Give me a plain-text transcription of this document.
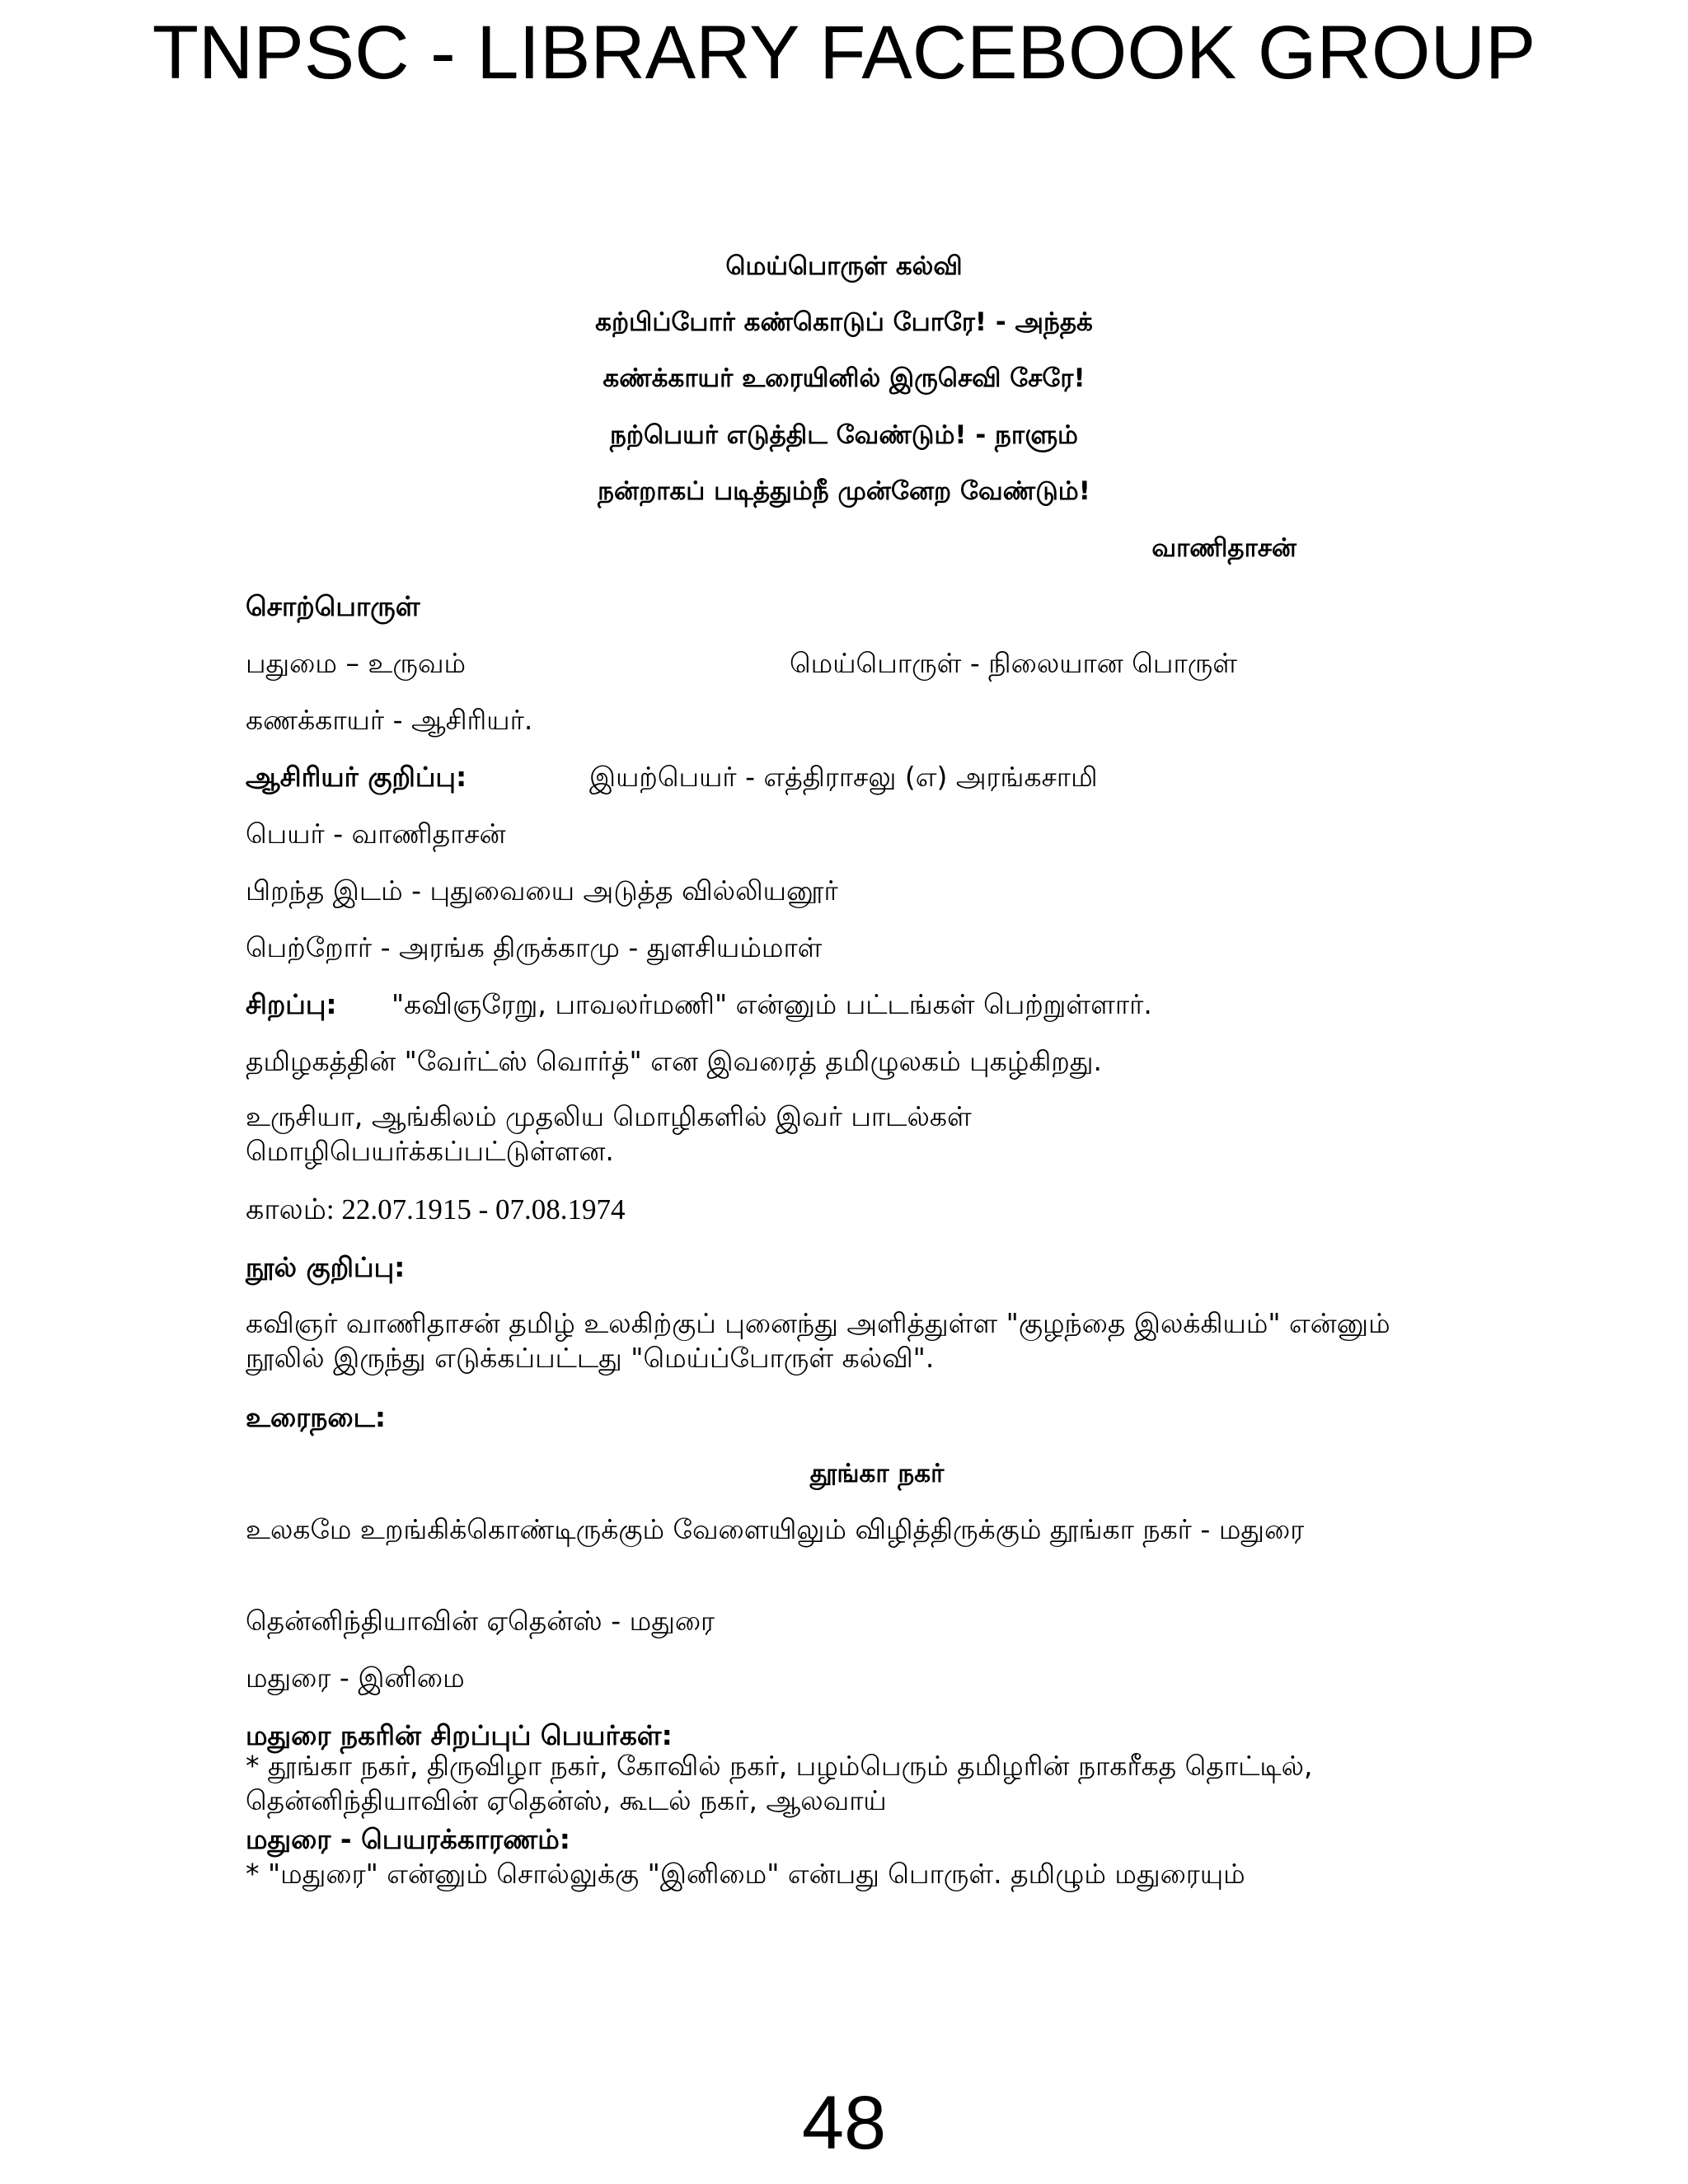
TNPSC - LIBRARY FACEBOOK GROUP
மெய்பொருள் கல்வி
கற்பிப்போர் கண்கொடுப் போரே! - அந்தக்
கண்க்காயர் உரையினில் இருசெவி சேரே!
நற்பெயர் எடுத்திட வேண்டும்! - நாளும்
நன்றாகப் படித்தும்நீ முன்னேற வேண்டும்!
வாணிதாசன்
சொற்பொருள்
பதுமை – உருவம்	மெய்பொருள் - நிலையான பொருள்
கணக்காயர் - ஆசிரியர்.
ஆசிரியர் குறிப்பு:	இயற்பெயர் - எத்திராசலு (எ) அரங்கசாமி
பெயர் - வாணிதாசன்
பிறந்த இடம் - புதுவையை அடுத்த வில்லியனூர்
பெற்றோர் - அரங்க திருக்காமு - துளசியம்மாள்
சிறப்பு: "கவிஞரேறு, பாவலர்மணி" என்னும் பட்டங்கள் பெற்றுள்ளார்.
தமிழகத்தின் "வேர்ட்ஸ் வொர்த்" என இவரைத் தமிழுலகம் புகழ்கிறது.
உருசியா, ஆங்கிலம் முதலிய மொழிகளில் இவர் பாடல்கள் மொழிபெயர்க்கப்பட்டுள்ளன.
காலம்: 22.07.1915 - 07.08.1974
நூல் குறிப்பு:
கவிஞர் வாணிதாசன் தமிழ் உலகிற்குப் புனைந்து அளித்துள்ள "குழந்தை இலக்கியம்" என்னும் நூலில் இருந்து எடுக்கப்பட்டது "மெய்ப்போருள் கல்வி".
உரைநடை:
தூங்கா நகர்
உலகமே உறங்கிக்கொண்டிருக்கும் வேளையிலும் விழித்திருக்கும் தூங்கா நகர் - மதுரை
தென்னிந்தியாவின் ஏதென்ஸ் - மதுரை
மதுரை - இனிமை
மதுரை நகரின் சிறப்புப் பெயர்கள்:
* தூங்கா நகர், திருவிழா நகர், கோவில் நகர், பழம்பெரும் தமிழரின் நாகரீகத தொட்டில், தென்னிந்தியாவின் ஏதென்ஸ், கூடல் நகர், ஆலவாய்
மதுரை - பெயரக்காரணம்:
* "மதுரை" என்னும் சொல்லுக்கு "இனிமை" என்பது பொருள். தமிழும் மதுரையும்
48
